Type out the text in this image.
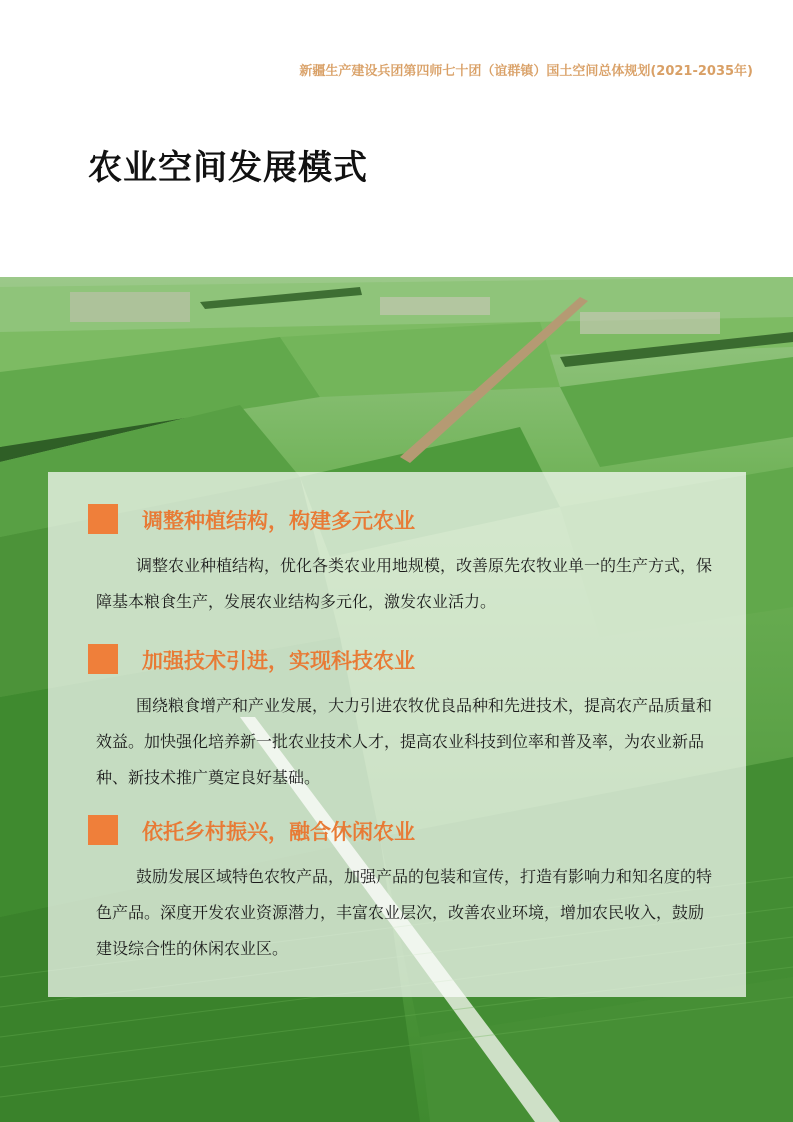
新疆生产建设兵团第四师七十团（谊群镇）国土空间总体规划(2021-2035年)
农业空间发展模式
调整种植结构，构建多元农业

调整农业种植结构，优化各类农业用地规模，改善原先农牧业单一的生产方式，保障基本粮食生产，发展农业结构多元化，激发农业活力。

加强技术引进，实现科技农业

围绕粮食增产和产业发展，大力引进农牧优良品种和先进技术，提高农产品质量和效益。加快强化培养新一批农业技术人才，提高农业科技到位率和普及率，为农业新品种、新技术推广奠定良好基础。

依托乡村振兴，融合休闲农业

鼓励发展区域特色农牧产品，加强产品的包装和宣传，打造有影响力和知名度的特色产品。深度开发农业资源潜力，丰富农业层次，改善农业环境，增加农民收入，鼓励建设综合性的休闲农业区。
